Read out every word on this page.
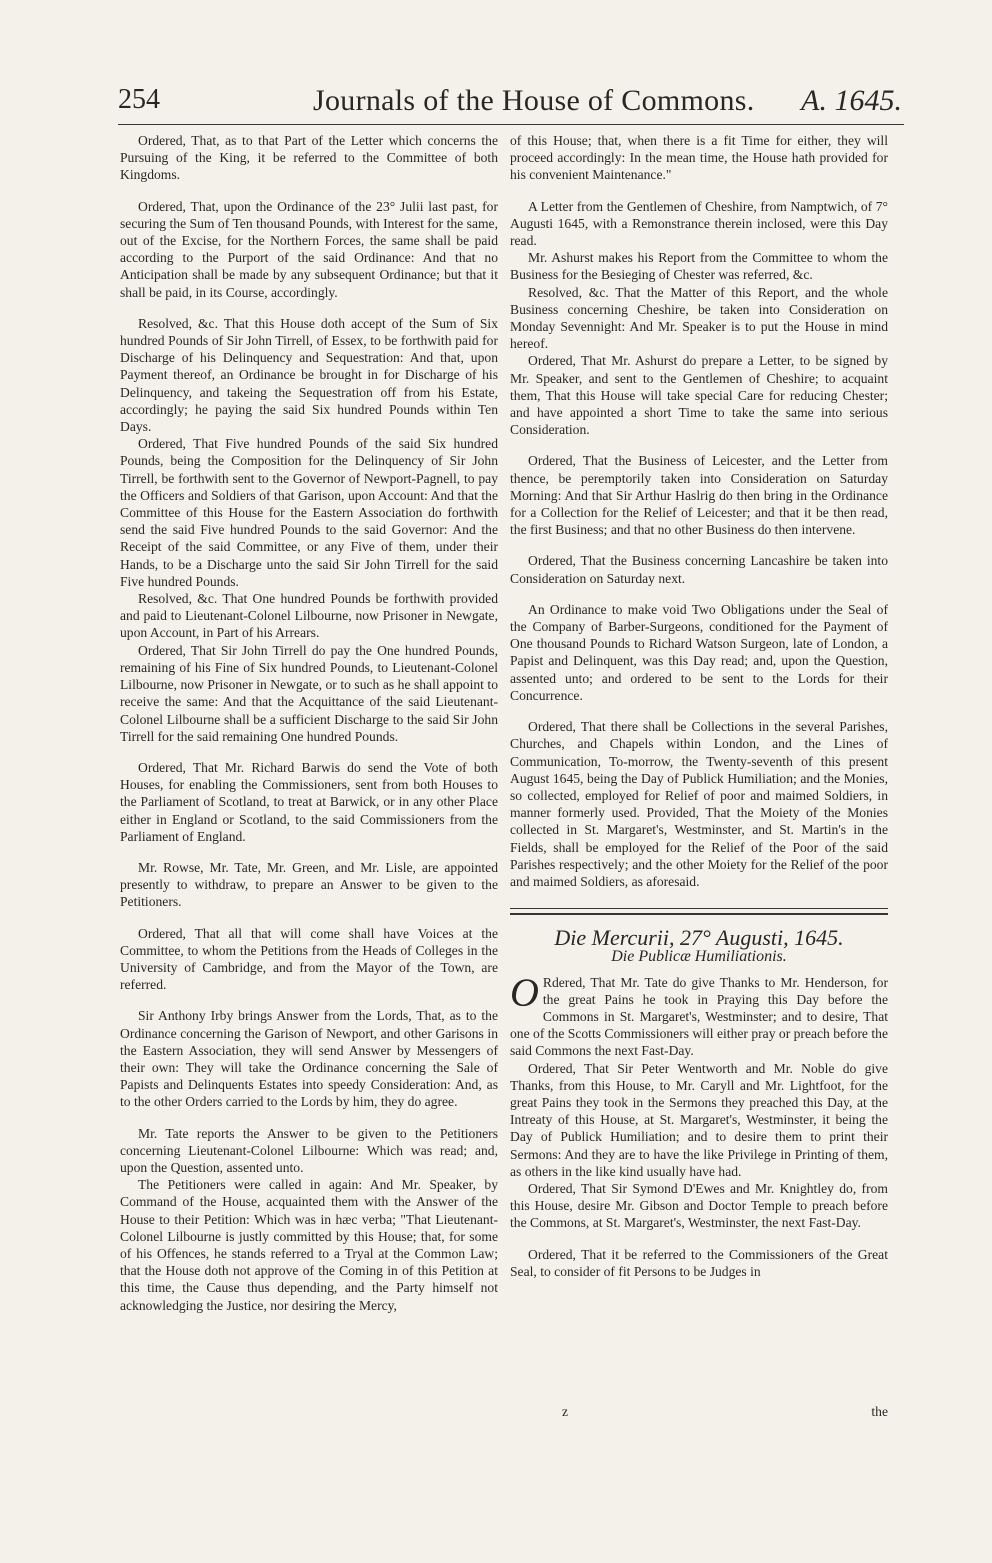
254	Journals of the House of Commons. A. 1645.

Ordered, That, as to that Part of the Letter which concerns the Pursuing of the King, it be referred to the Committee of both Kingdoms.

Ordered, That, upon the Ordinance of the 23° Julii last past, for securing the Sum of Ten thousand Pounds, with Interest for the same, out of the Excise, for the Northern Forces, the same shall be paid according to the Purport of the said Ordinance: And that no Anticipation shall be made by any subsequent Ordinance; but that it shall be paid, in its Course, accordingly.

Resolved, &c. That this House doth accept of the Sum of Six hundred Pounds of Sir John Tirrell, of Essex, to be forthwith paid for Discharge of his Delinquency and Sequestration: And that, upon Payment thereof, an Ordinance be brought in for Discharge of his Delinquency, and takeing the Sequestration off from his Estate, accordingly; he paying the said Six hundred Pounds within Ten Days.

Ordered, That Five hundred Pounds of the said Six hundred Pounds, being the Composition for the Delinquency of Sir John Tirrell, be forthwith sent to the Governor of Newport-Pagnell, to pay the Officers and Soldiers of that Garison, upon Account: And that the Committee of this House for the Eastern Association do forthwith send the said Five hundred Pounds to the said Governor: And the Receipt of the said Committee, or any Five of them, under their Hands, to be a Discharge unto the said Sir John Tirrell for the said Five hundred Pounds.

Resolved, &c. That One hundred Pounds be forthwith provided and paid to Lieutenant-Colonel Lilbourne, now Prisoner in Newgate, upon Account, in Part of his Arrears.

Ordered, That Sir John Tirrell do pay the One hundred Pounds, remaining of his Fine of Six hundred Pounds, to Lieutenant-Colonel Lilbourne, now Prisoner in Newgate, or to such as he shall appoint to receive the same: And that the Acquittance of the said Lieutenant-Colonel Lilbourne shall be a sufficient Discharge to the said Sir John Tirrell for the said remaining One hundred Pounds.

Ordered, That Mr. Richard Barwis do send the Vote of both Houses, for enabling the Commissioners, sent from both Houses to the Parliament of Scotland, to treat at Barwick, or in any other Place either in England or Scotland, to the said Commissioners from the Parliament of England.

Mr. Rowse, Mr. Tate, Mr. Green, and Mr. Lisle, are appointed presently to withdraw, to prepare an Answer to be given to the Petitioners.

Ordered, That all that will come shall have Voices at the Committee, to whom the Petitions from the Heads of Colleges in the University of Cambridge, and from the Mayor of the Town, are referred.

Sir Anthony Irby brings Answer from the Lords, That, as to the Ordinance concerning the Garison of Newport, and other Garisons in the Eastern Association, they will send Answer by Messengers of their own: They will take the Ordinance concerning the Sale of Papists and Delinquents Estates into speedy Consideration: And, as to the other Orders carried to the Lords by him, they do agree.

Mr. Tate reports the Answer to be given to the Petitioners concerning Lieutenant-Colonel Lilbourne: Which was read; and, upon the Question, assented unto.

The Petitioners were called in again: And Mr. Speaker, by Command of the House, acquainted them with the Answer of the House to their Petition: Which was in hæc verba; "That Lieutenant-Colonel Lilbourne is justly committed by this House; that, for some of his Offences, he stands referred to a Tryal at the Common Law; that the House doth not approve of the Coming in of this Petition at this time, the Cause thus depending, and the Party himself not acknowledging the Justice, nor desiring the Mercy,

of this House; that, when there is a fit Time for either, they will proceed accordingly: In the mean time, the House hath provided for his convenient Maintenance."

A Letter from the Gentlemen of Cheshire, from Namptwich, of 7° Augusti 1645, with a Remonstrance therein inclosed, were this Day read.

Mr. Ashurst makes his Report from the Committee to whom the Business for the Besieging of Chester was referred, &c.

Resolved, &c. That the Matter of this Report, and the whole Business concerning Cheshire, be taken into Consideration on Monday Sevennight: And Mr. Speaker is to put the House in mind hereof.

Ordered, That Mr. Ashurst do prepare a Letter, to be signed by Mr. Speaker, and sent to the Gentlemen of Cheshire; to acquaint them, That this House will take special Care for reducing Chester; and have appointed a short Time to take the same into serious Consideration.

Ordered, That the Business of Leicester, and the Letter from thence, be peremptorily taken into Consideration on Saturday Morning: And that Sir Arthur Haslrig do then bring in the Ordinance for a Collection for the Relief of Leicester; and that it be then read, the first Business; and that no other Business do then intervene.

Ordered, That the Business concerning Lancashire be taken into Consideration on Saturday next.

An Ordinance to make void Two Obligations under the Seal of the Company of Barber-Surgeons, conditioned for the Payment of One thousand Pounds to Richard Watson Surgeon, late of London, a Papist and Delinquent, was this Day read; and, upon the Question, assented unto; and ordered to be sent to the Lords for their Concurrence.

Ordered, That there shall be Collections in the several Parishes, Churches, and Chapels within London, and the Lines of Communication, To-morrow, the Twenty-seventh of this present August 1645, being the Day of Publick Humiliation; and the Monies, so collected, employed for Relief of poor and maimed Soldiers, in manner formerly used. Provided, That the Moiety of the Monies collected in St. Margaret's, Westminster, and St. Martin's in the Fields, shall be employed for the Relief of the Poor of the said Parishes respectively; and the other Moiety for the Relief of the poor and maimed Soldiers, as aforesaid.

Die Mercurii, 27° Augusti, 1645.
Die Publicæ Humiliationis.

O Rdered, That Mr. Tate do give Thanks to Mr. Henderson, for the great Pains he took in Praying this Day before the Commons in St. Margaret's, Westminster; and to desire, That one of the Scotts Commissioners will either pray or preach before the said Commons the next Fast-Day.

Ordered, That Sir Peter Wentworth and Mr. Noble do give Thanks, from this House, to Mr. Caryll and Mr. Lightfoot, for the great Pains they took in the Sermons they preached this Day, at the Intreaty of this House, at St. Margaret's, Westminster, it being the Day of Publick Humiliation; and to desire them to print their Sermons: And they are to have the like Privilege in Printing of them, as others in the like kind usually have had.

Ordered, That Sir Symond D'Ewes and Mr. Knightley do, from this House, desire Mr. Gibson and Doctor Temple to preach before the Commons, at St. Margaret's, Westminster, the next Fast-Day.

Ordered, That it be referred to the Commissioners of the Great Seal, to consider of fit Persons to be Judges in

z	the
